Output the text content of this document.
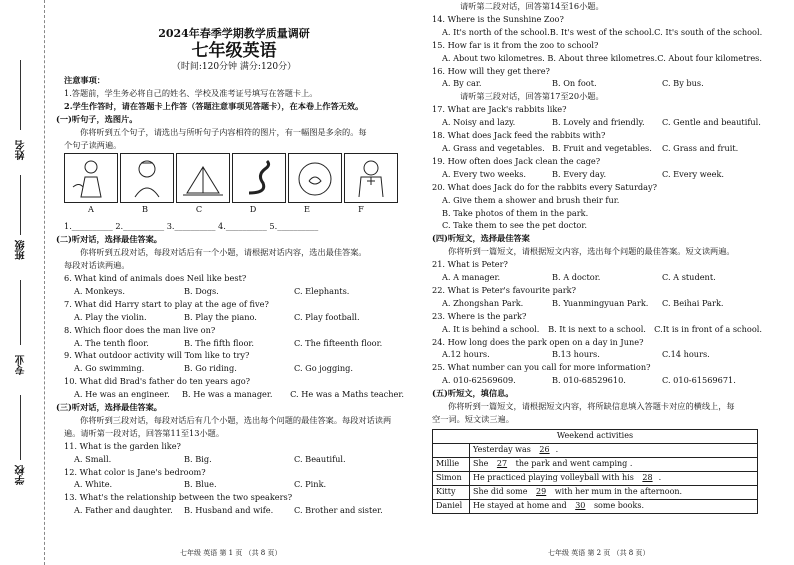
姓名
班级
专业
学校
2024年春季学期教学质量调研
七年级英语
（时间:120分钟 满分:120分）
注意事项：
1.答题前，学生务必将自己的姓名、学校及准考证号填写在答题卡上。
2.学生作答时，请在答题卡上作答（答题注意事项见答题卡），在本卷上作答无效。
(一)听句子，选图片。
你将听到五个句子，请选出与所听句子内容相符的图片，有一幅图是多余的。每
个句子读两遍。
A	B	C	D	E	F
1.__________ 2.__________ 3.__________ 4.__________ 5.__________
(二)听对话，选择最佳答案。
你将听到五段对话，每段对话后有一个小题，请根据对话内容，选出最佳答案。
每段对话读两遍。
6. What kind of animals does Neil like best?
A. Monkeys.	B. Dogs.	C. Elephants.
7. What did Harry start to play at the age of five?
A. Play the violin.	B. Play the piano.	C. Play football.
8. Which floor does the man live on?
A. The tenth floor.	B. The fifth floor.	C. The fifteenth floor.
9. What outdoor activity will Tom like to try?
A. Go swimming.	B. Go riding.	C. Go jogging.
10. What did Brad's father do ten years ago?
A. He was an engineer.	B. He was a manager.	C. He was a Maths teacher.
(三)听对话，选择最佳答案。
你将听到三段对话，每段对话后有几个小题，选出每个问题的最佳答案。每段对话读两
遍。请听第一段对话，回答第11至13小题。
11. What is the garden like?
A. Small.	B. Big.	C. Beautiful.
12. What color is Jane's bedroom?
A. White.	B. Blue.	C. Pink.
13. What's the relationship between the two speakers?
A. Father and daughter.	B. Husband and wife.	C. Brother and sister.
请听第二段对话，回答第14至16小题。
14. Where is the Sunshine Zoo?
A. It's north of the school. B. It's west of the school. C. It's south of the school.
15. How far is it from the zoo to school?
A. About two kilometres. B. About three kilometres. C. About four kilometres.
16. How will they get there?
A. By car.	B. On foot.	C. By bus.
请听第三段对话，回答第17至20小题。
17. What are Jack's rabbits like?
A. Noisy and lazy.	B. Lovely and friendly.	C. Gentle and beautiful.
18. What does Jack feed the rabbits with?
A. Grass and vegetables. B. Fruit and vegetables.	C. Grass and fruit.
19. How often does Jack clean the cage?
A. Every two weeks.	B. Every day.	C. Every week.
20. What does Jack do for the rabbits every Saturday?
A. Give them a shower and brush their fur.
B. Take photos of them in the park.
C. Take them to see the pet doctor.
(四)听短文，选择最佳答案
你将听到一篇短文，请根据短文内容，选出每个问题的最佳答案。短文读两遍。
21. What is Peter?
A. A manager.	B. A doctor.	C. A student.
22. What is Peter's favourite park?
A. Zhongshan Park.	B. Yuanmingyuan Park.	C. Beihai Park.
23. Where is the park?
A. It is behind a school.	B. It is next to a school.	C.It is in front of a school.
24. How long does the park open on a day in June?
A.12 hours.	B.13 hours.	C.14 hours.
25. What number can you call for more information?
A. 010-62569609.	B. 010-68529610.	C. 010-61569671.
(五)听短文，填信息。
你将听到一篇短文，请根据短文内容，将所缺信息填入答题卡对应的横线上，每
空一词。短文读三遍。
Weekend activities	
	Yesterday was 26 .
Millie	She 27 the park and went camping .
Simon	He practiced playing volleyball with his 28 .
Kitty	She did some 29 with her mum in the afternoon.
Daniel	He stayed at home and 30 some books.
七年级 英语 第 1 页 （共 8 页）	七年级 英语 第 2 页 （共 8 页）
